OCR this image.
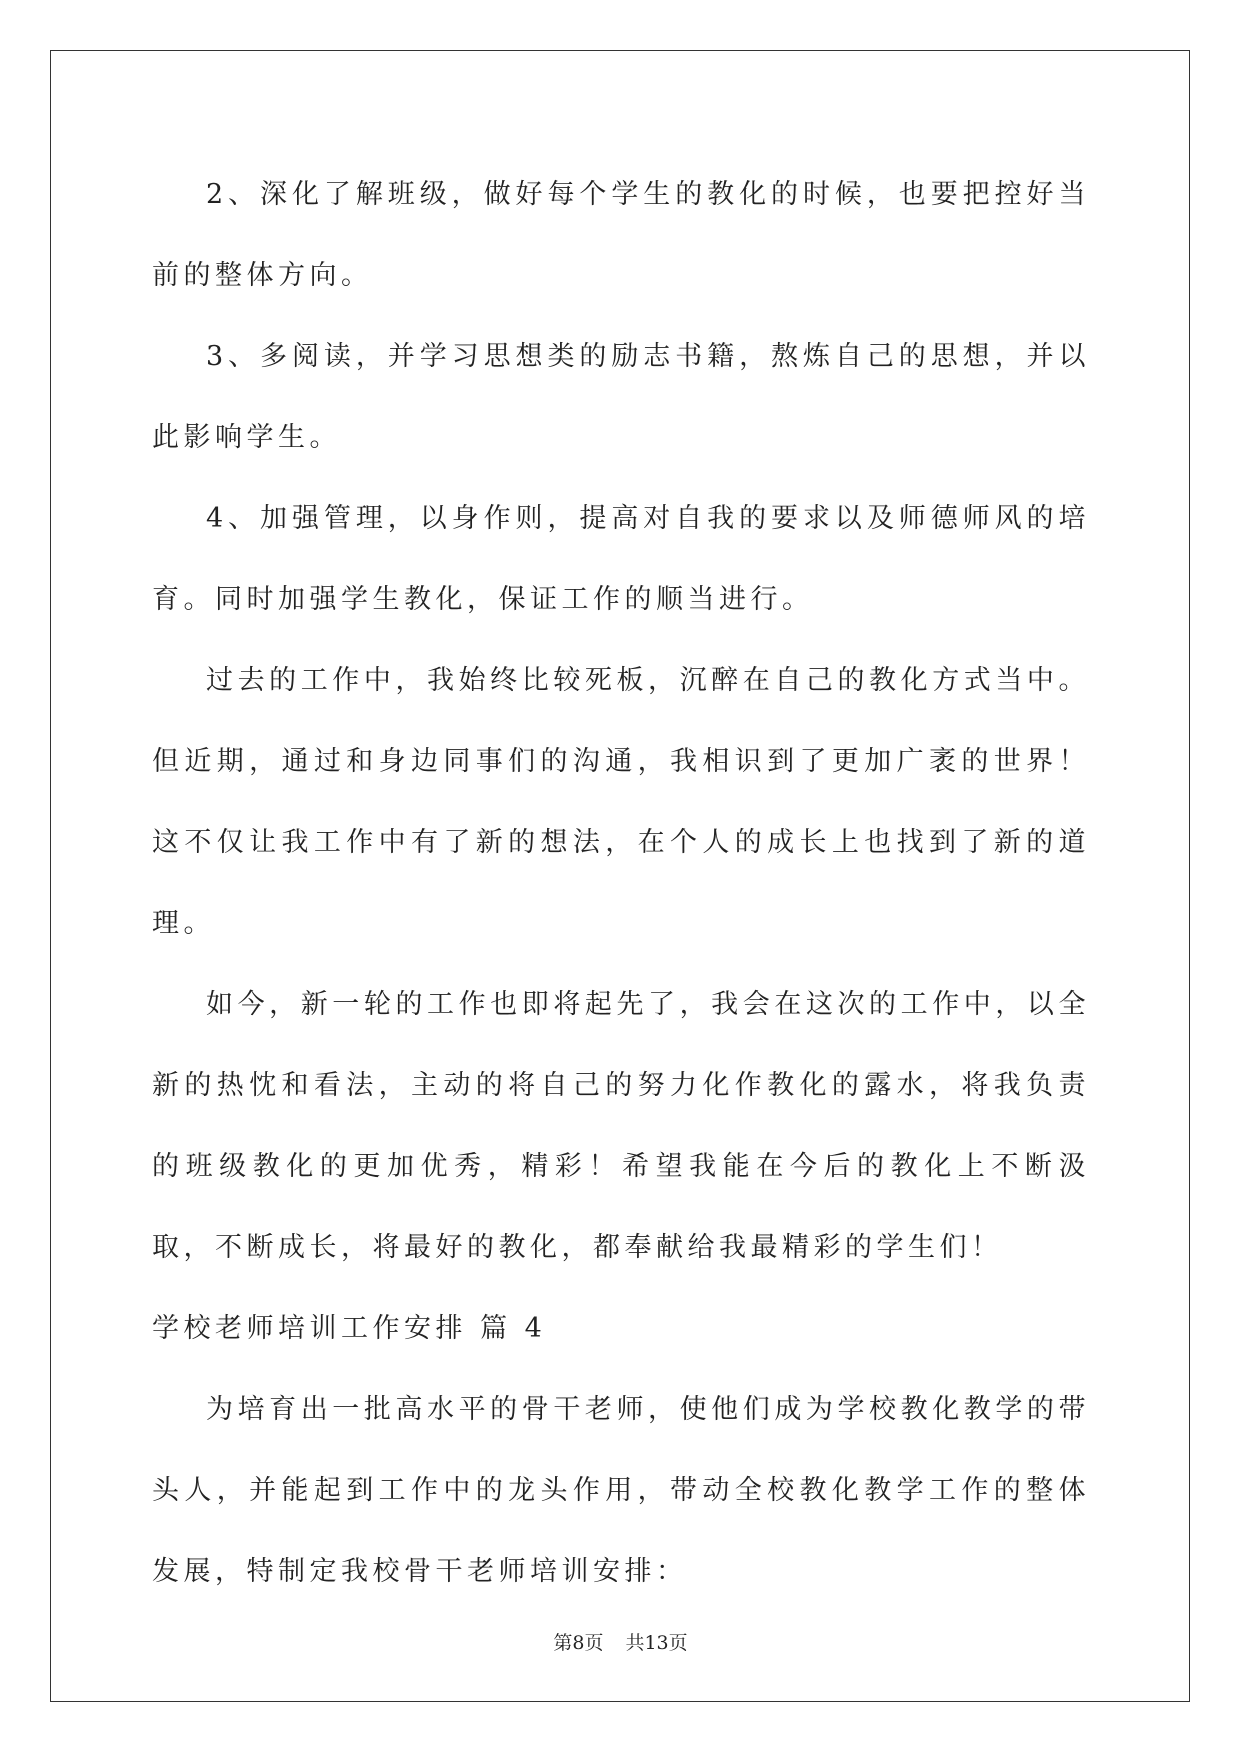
2、深化了解班级，做好每个学生的教化的时候，也要把控好当前的整体方向。

3、多阅读，并学习思想类的励志书籍，熬炼自己的思想，并以此影响学生。

4、加强管理，以身作则，提高对自我的要求以及师德师风的培育。同时加强学生教化，保证工作的顺当进行。

过去的工作中，我始终比较死板，沉醉在自己的教化方式当中。但近期，通过和身边同事们的沟通，我相识到了更加广袤的世界！这不仅让我工作中有了新的想法，在个人的成长上也找到了新的道理。

如今，新一轮的工作也即将起先了，我会在这次的工作中，以全新的热忱和看法，主动的将自己的努力化作教化的露水，将我负责的班级教化的更加优秀，精彩！希望我能在今后的教化上不断汲取，不断成长，将最好的教化，都奉献给我最精彩的学生们！

学校老师培训工作安排 篇 4

为培育出一批高水平的骨干老师，使他们成为学校教化教学的带头人，并能起到工作中的龙头作用，带动全校教化教学工作的整体发展，特制定我校骨干老师培训安排：

第8页 共13页
